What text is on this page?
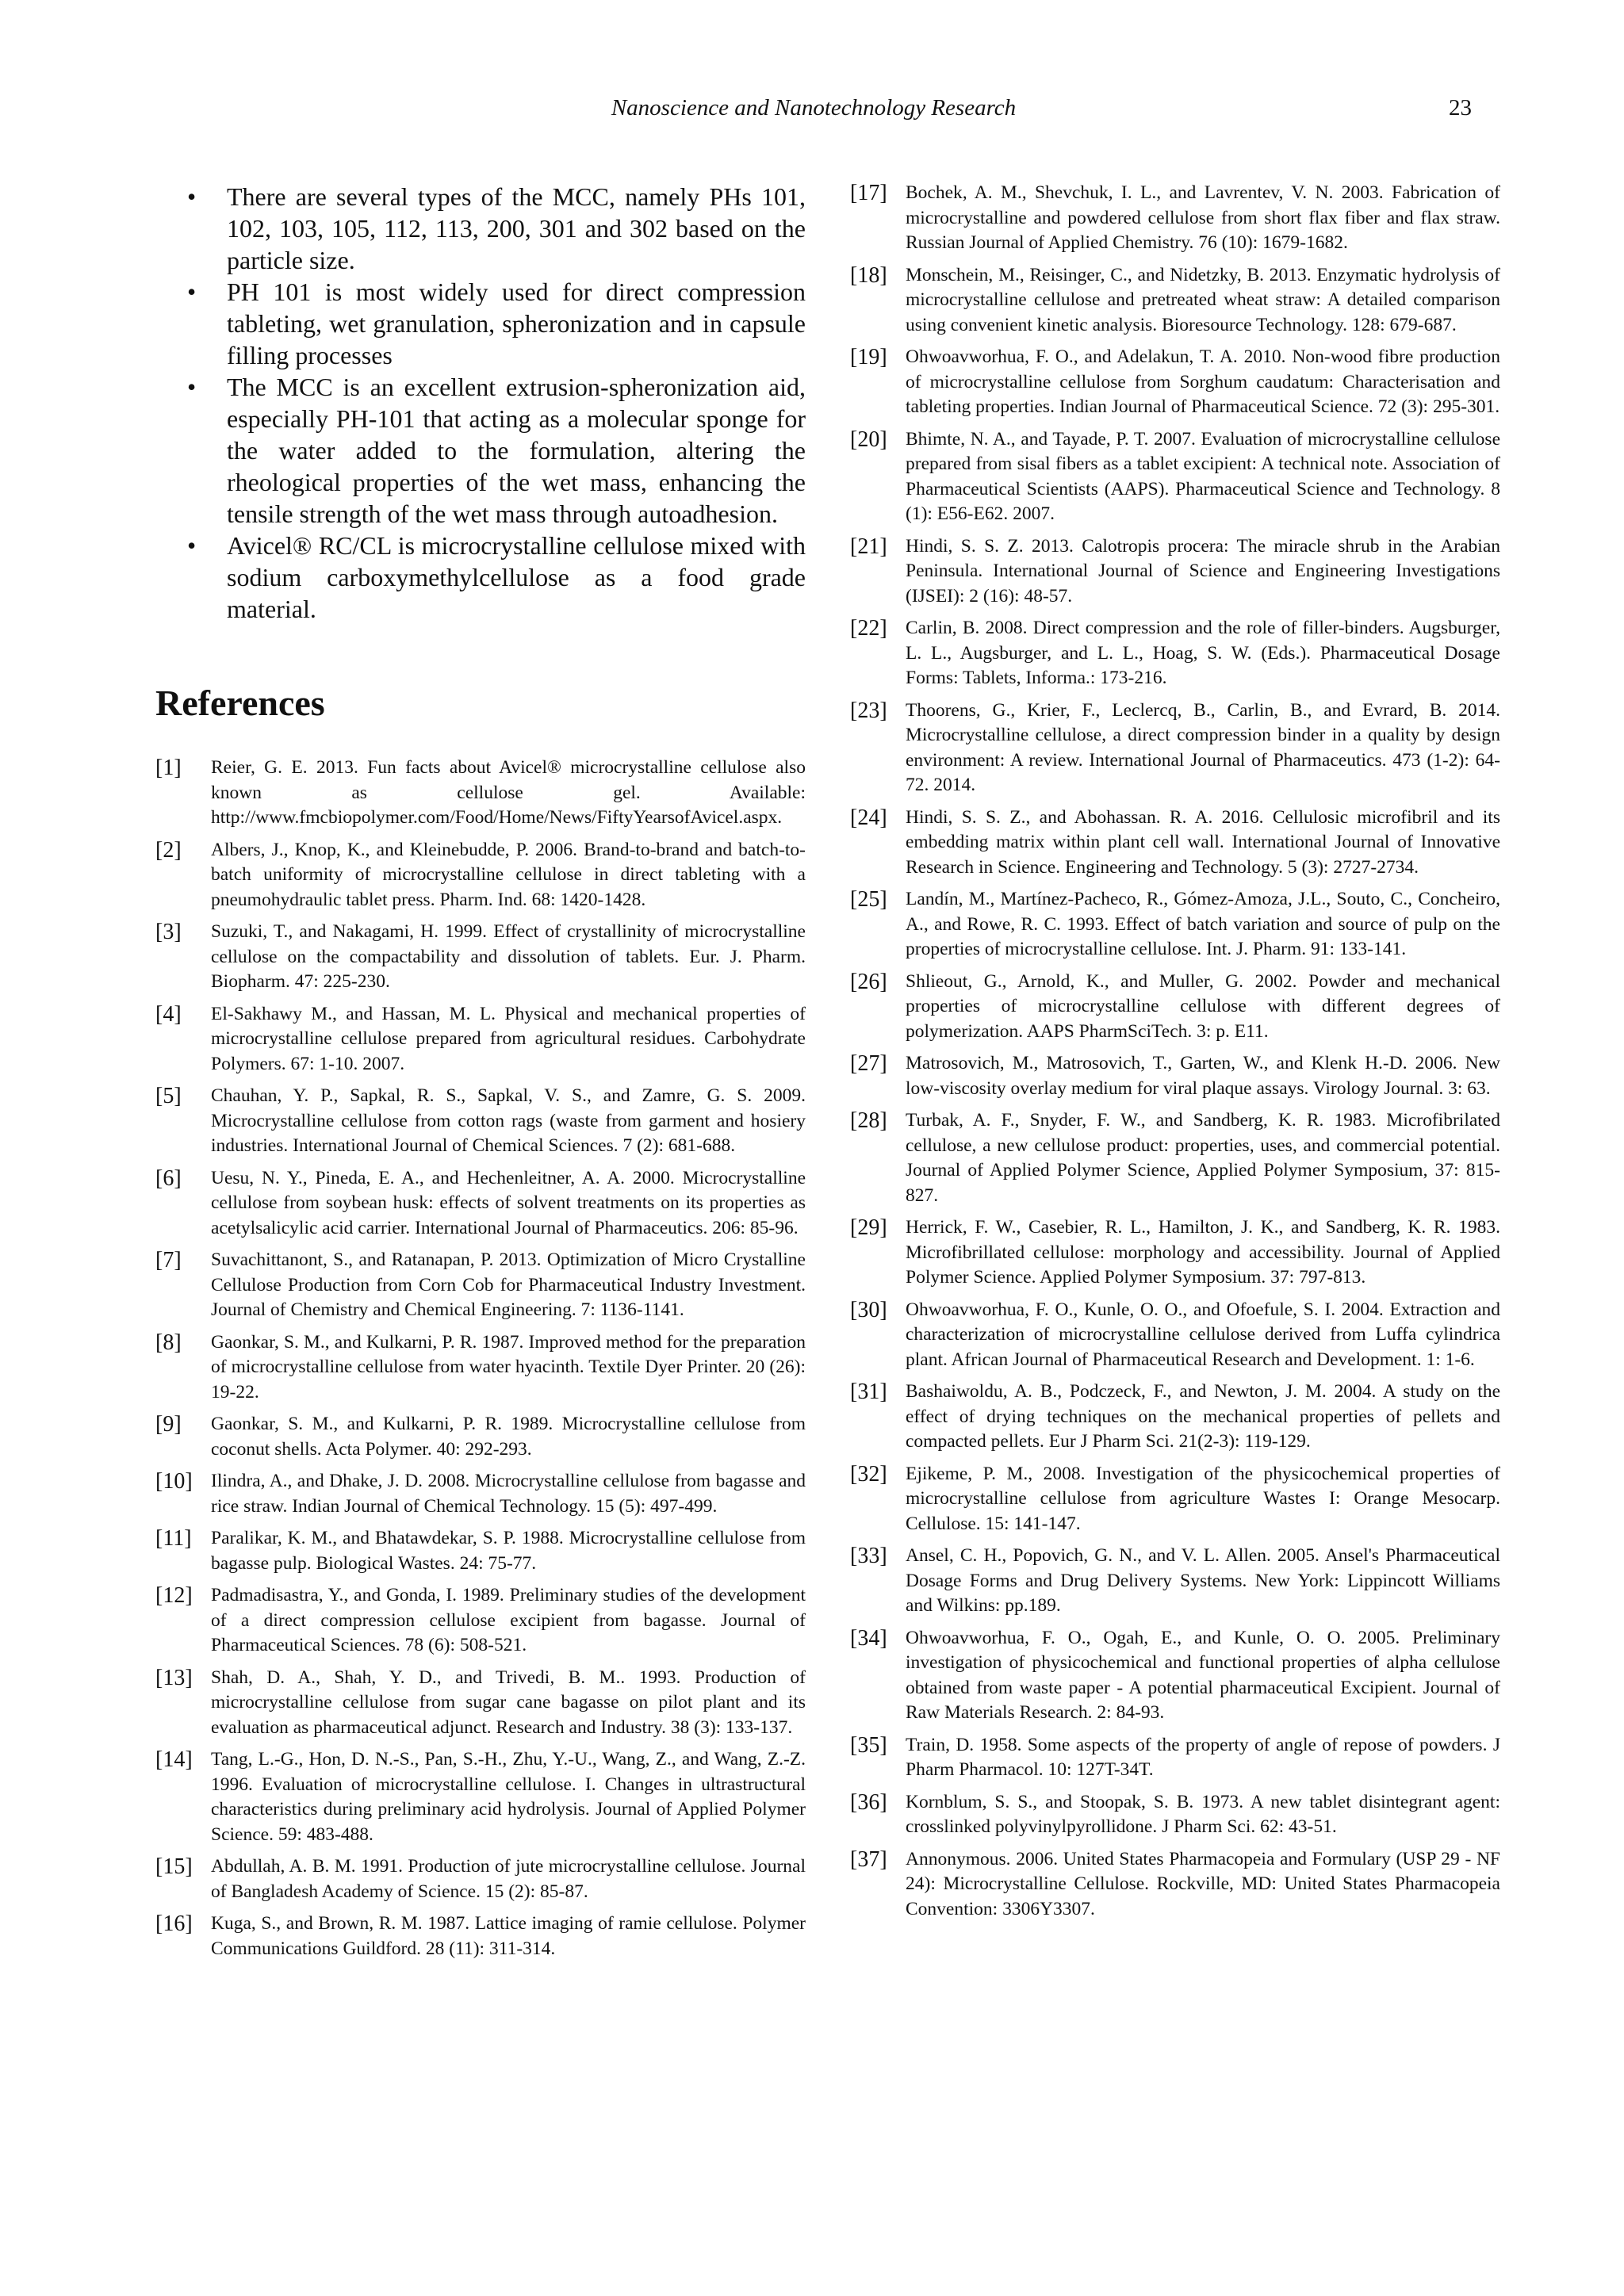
Nanoscience and Nanotechnology Research	23
• There are several types of the MCC, namely PHs 101, 102, 103, 105, 112, 113, 200, 301 and 302 based on the particle size.
• PH 101 is most widely used for direct compression tableting, wet granulation, spheronization and in capsule filling processes
• The MCC is an excellent extrusion-spheronization aid, especially PH-101 that acting as a molecular sponge for the water added to the formulation, altering the rheological properties of the wet mass, enhancing the tensile strength of the wet mass through autoadhesion.
• Avicel® RC/CL is microcrystalline cellulose mixed with sodium carboxymethylcellulose as a food grade material.
References
[1]	Reier, G. E. 2013. Fun facts about Avicel® microcrystalline cellulose also known as cellulose gel. Available: http://www.fmcbiopolymer.com/Food/Home/News/FiftyYearsofAvicel.aspx.
[2]	Albers, J., Knop, K., and Kleinebudde, P. 2006. Brand-to-brand and batch-to-batch uniformity of microcrystalline cellulose in direct tableting with a pneumohydraulic tablet press. Pharm. Ind. 68: 1420-1428.
[3]	Suzuki, T., and Nakagami, H. 1999. Effect of crystallinity of microcrystalline cellulose on the compactability and dissolution of tablets. Eur. J. Pharm. Biopharm. 47: 225-230.
[4]	El-Sakhawy M., and Hassan, M. L. Physical and mechanical properties of microcrystalline cellulose prepared from agricultural residues. Carbohydrate Polymers. 67: 1-10. 2007.
[5]	Chauhan, Y. P., Sapkal, R. S., Sapkal, V. S., and Zamre, G. S. 2009. Microcrystalline cellulose from cotton rags (waste from garment and hosiery industries. International Journal of Chemical Sciences. 7 (2): 681-688.
[6]	Uesu, N. Y., Pineda, E. A., and Hechenleitner, A. A. 2000. Microcrystalline cellulose from soybean husk: effects of solvent treatments on its properties as acetylsalicylic acid carrier. International Journal of Pharmaceutics. 206: 85-96.
[7]	Suvachittanont, S., and Ratanapan, P. 2013. Optimization of Micro Crystalline Cellulose Production from Corn Cob for Pharmaceutical Industry Investment. Journal of Chemistry and Chemical Engineering. 7: 1136-1141.
[8]	Gaonkar, S. M., and Kulkarni, P. R. 1987. Improved method for the preparation of microcrystalline cellulose from water hyacinth. Textile Dyer Printer. 20 (26): 19-22.
[9]	Gaonkar, S. M., and Kulkarni, P. R. 1989. Microcrystalline cellulose from coconut shells. Acta Polymer. 40: 292-293.
[10] Ilindra, A., and Dhake, J. D. 2008. Microcrystalline cellulose from bagasse and rice straw. Indian Journal of Chemical Technology. 15 (5): 497-499.
[11]	Paralikar, K. M., and Bhatawdekar, S. P. 1988. Microcrystalline cellulose from bagasse pulp. Biological Wastes. 24: 75-77.
[12] Padmadisastra, Y., and Gonda, I. 1989. Preliminary studies of the development of a direct compression cellulose excipient from bagasse. Journal of Pharmaceutical Sciences. 78 (6): 508-521.
[13] Shah, D. A., Shah, Y. D., and Trivedi, B. M.. 1993. Production of microcrystalline cellulose from sugar cane bagasse on pilot plant and its evaluation as pharmaceutical adjunct. Research and Industry. 38 (3): 133-137.
[14] Tang, L.-G., Hon, D. N.-S., Pan, S.-H., Zhu, Y.-U., Wang, Z., and Wang, Z.-Z. 1996. Evaluation of microcrystalline cellulose. I. Changes in ultrastructural characteristics during preliminary acid hydrolysis. Journal of Applied Polymer Science. 59: 483-488.
[15] Abdullah, A. B. M. 1991. Production of jute microcrystalline cellulose. Journal of Bangladesh Academy of Science. 15 (2): 85-87.
[16] Kuga, S., and Brown, R. M. 1987. Lattice imaging of ramie cellulose. Polymer Communications Guildford. 28 (11): 311-314.
[17] Bochek, A. M., Shevchuk, I. L., and Lavrentev, V. N. 2003. Fabrication of microcrystalline and powdered cellulose from short flax fiber and flax straw. Russian Journal of Applied Chemistry. 76 (10): 1679-1682.
[18] Monschein, M., Reisinger, C., and Nidetzky, B. 2013. Enzymatic hydrolysis of microcrystalline cellulose and pretreated wheat straw: A detailed comparison using convenient kinetic analysis. Bioresource Technology. 128: 679-687.
[19] Ohwoavworhua, F. O., and Adelakun, T. A. 2010. Non-wood fibre production of microcrystalline cellulose from Sorghum caudatum: Characterisation and tableting properties. Indian Journal of Pharmaceutical Science. 72 (3): 295-301.
[20] Bhimte, N. A., and Tayade, P. T. 2007. Evaluation of microcrystalline cellulose prepared from sisal fibers as a tablet excipient: A technical note. Association of Pharmaceutical Scientists (AAPS). Pharmaceutical Science and Technology. 8 (1): E56-E62. 2007.
[21] Hindi, S. S. Z. 2013. Calotropis procera: The miracle shrub in the Arabian Peninsula. International Journal of Science and Engineering Investigations (IJSEI): 2 (16): 48-57.
[22] Carlin, B. 2008. Direct compression and the role of filler-binders. Augsburger, L. L., Augsburger, and L. L., Hoag, S. W. (Eds.). Pharmaceutical Dosage Forms: Tablets, Informa.: 173-216.
[23] Thoorens, G., Krier, F., Leclercq, B., Carlin, B., and Evrard, B. 2014. Microcrystalline cellulose, a direct compression binder in a quality by design environment: A review. International Journal of Pharmaceutics. 473 (1-2): 64-72. 2014.
[24] Hindi, S. S. Z., and Abohassan. R. A. 2016. Cellulosic microfibril and its embedding matrix within plant cell wall. International Journal of Innovative Research in Science. Engineering and Technology. 5 (3): 2727-2734.
[25] Landín, M., Martínez-Pacheco, R., Gómez-Amoza, J.L., Souto, C., Concheiro, A., and Rowe, R. C. 1993. Effect of batch variation and source of pulp on the properties of microcrystalline cellulose. Int. J. Pharm. 91: 133-141.
[26] Shlieout, G., Arnold, K., and Muller, G. 2002. Powder and mechanical properties of microcrystalline cellulose with different degrees of polymerization. AAPS PharmSciTech. 3: p. E11.
[27] Matrosovich, M., Matrosovich, T., Garten, W., and Klenk H.-D. 2006. New low-viscosity overlay medium for viral plaque assays. Virology Journal. 3: 63.
[28] Turbak, A. F., Snyder, F. W., and Sandberg, K. R. 1983. Microfibrilated cellulose, a new cellulose product: properties, uses, and commercial potential. Journal of Applied Polymer Science, Applied Polymer Symposium, 37: 815-827.
[29] Herrick, F. W., Casebier, R. L., Hamilton, J. K., and Sandberg, K. R. 1983. Microfibrillated cellulose: morphology and accessibility. Journal of Applied Polymer Science. Applied Polymer Symposium. 37: 797-813.
[30] Ohwoavworhua, F. O., Kunle, O. O., and Ofoefule, S. I. 2004. Extraction and characterization of microcrystalline cellulose derived from Luffa cylindrica plant. African Journal of Pharmaceutical Research and Development. 1: 1-6.
[31] Bashaiwoldu, A. B., Podczeck, F., and Newton, J. M. 2004. A study on the effect of drying techniques on the mechanical properties of pellets and compacted pellets. Eur J Pharm Sci. 21(2-3): 119-129.
[32] Ejikeme, P. M., 2008. Investigation of the physicochemical properties of microcrystalline cellulose from agriculture Wastes I: Orange Mesocarp. Cellulose. 15: 141-147.
[33] Ansel, C. H., Popovich, G. N., and V. L. Allen. 2005. Ansel's Pharmaceutical Dosage Forms and Drug Delivery Systems. New York: Lippincott Williams and Wilkins: pp.189.
[34] Ohwoavworhua, F. O., Ogah, E., and Kunle, O. O. 2005. Preliminary investigation of physicochemical and functional properties of alpha cellulose obtained from waste paper - A potential pharmaceutical Excipient. Journal of Raw Materials Research. 2: 84-93.
[35] Train, D. 1958. Some aspects of the property of angle of repose of powders. J Pharm Pharmacol. 10: 127T-34T.
[36] Kornblum, S. S., and Stoopak, S. B. 1973. A new tablet disintegrant agent: crosslinked polyvinylpyrollidone. J Pharm Sci. 62: 43-51.
[37] Annonymous. 2006. United States Pharmacopeia and Formulary (USP 29 - NF 24): Microcrystalline Cellulose. Rockville, MD: United States Pharmacopeia Convention: 3306Y3307.
